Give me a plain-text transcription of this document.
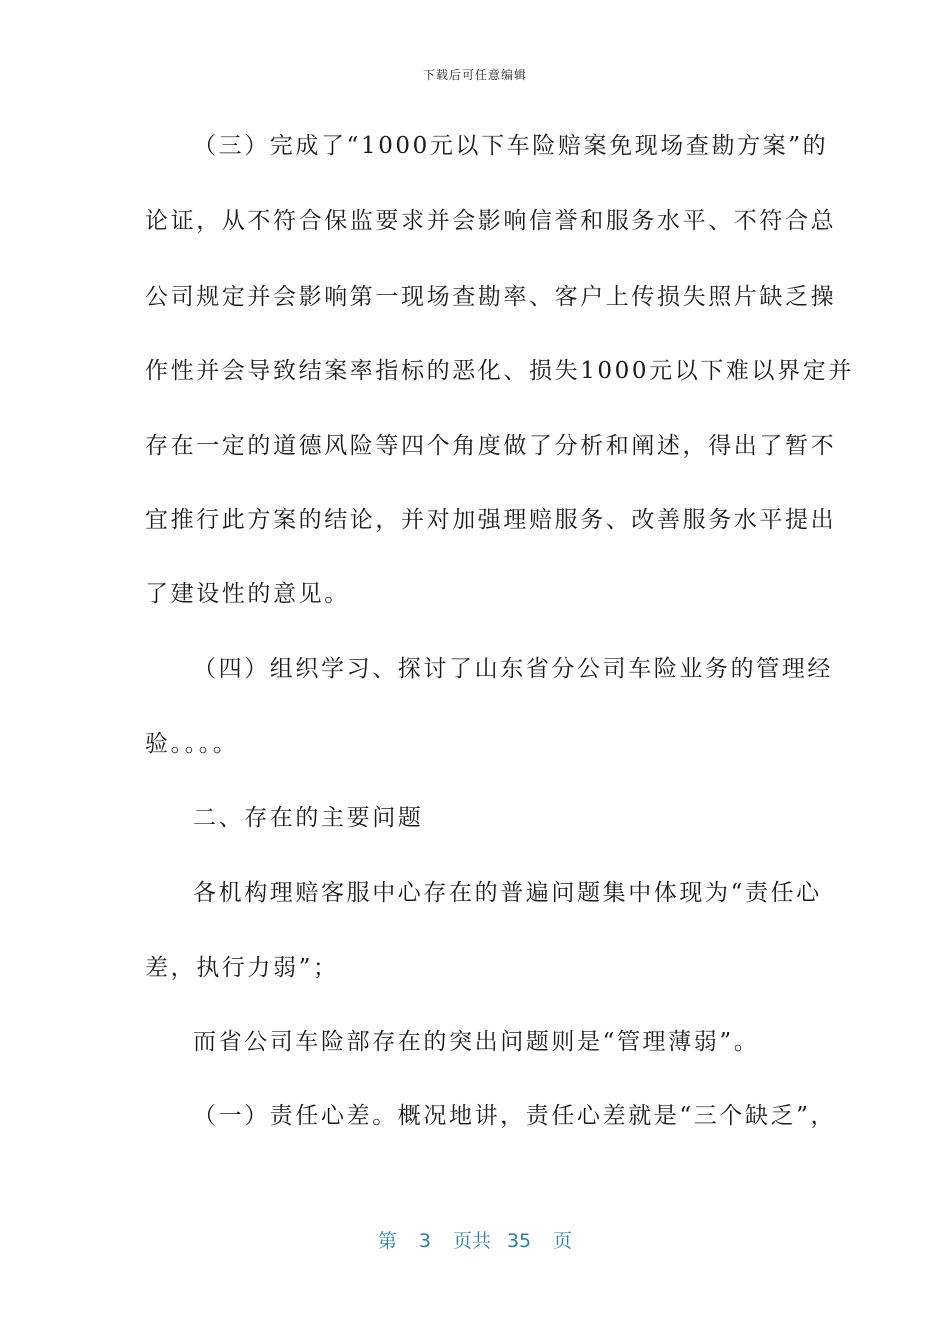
下载后可任意编辑
（三）完成了“1000元以下车险赔案免现场查勘方案”的
论证，从不符合保监要求并会影响信誉和服务水平、不符合总
公司规定并会影响第一现场查勘率、客户上传损失照片缺乏操
作性并会导致结案率指标的恶化、损失1000元以下难以界定并
存在一定的道德风险等四个角度做了分析和阐述，得出了暂不
宜推行此方案的结论，并对加强理赔服务、改善服务水平提出
了建设性的意见。
（四）组织学习、探讨了山东省分公司车险业务的管理经
验。。。。
二、存在的主要问题
各机构理赔客服中心存在的普遍问题集中体现为“责任心
差，执行力弱”；
而省公司车险部存在的突出问题则是“管理薄弱”。
（一）责任心差。概况地讲，责任心差就是“三个缺乏”，
第 3 页共 35 页
